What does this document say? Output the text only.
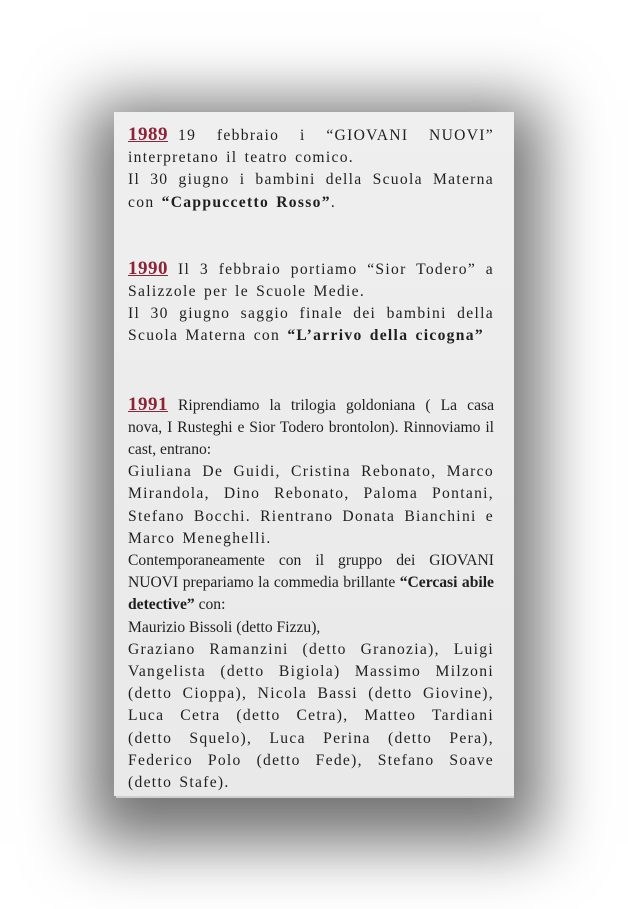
1989 19 febbraio i “GIOVANI NUOVI” interpretano il teatro comico.

Il 30 giugno i bambini della Scuola Materna con “Cappuccetto Rosso”.

1990 Il 3 febbraio portiamo “Sior Todero” a Salizzole per le Scuole Medie.

Il 30 giugno saggio finale dei bambini della Scuola Materna con “L’arrivo della cicogna”

1991 Riprendiamo la trilogia goldoniana ( La casa nova, I Rusteghi e Sior Todero brontolon). Rinnoviamo il cast, entrano:

Giuliana De Guidi, Cristina Rebonato, Marco Mirandola, Dino Rebonato, Paloma Pontani, Stefano Bocchi. Rientrano Donata Bianchini e Marco Meneghelli.

Contemporaneamente con il gruppo dei GIOVANI NUOVI prepariamo la commedia brillante “Cercasi abile detective” con:

Maurizio Bissoli (detto Fizzu),

Graziano Ramanzini (detto Granozia), Luigi Vangelista (detto Bigiola) Massimo Milzoni (detto Cioppa), Nicola Bassi (detto Giovine), Luca Cetra (detto Cetra), Matteo Tardiani (detto Squelo), Luca Perina (detto Pera), Federico Polo (detto Fede), Stefano Soave (detto Stafe).
